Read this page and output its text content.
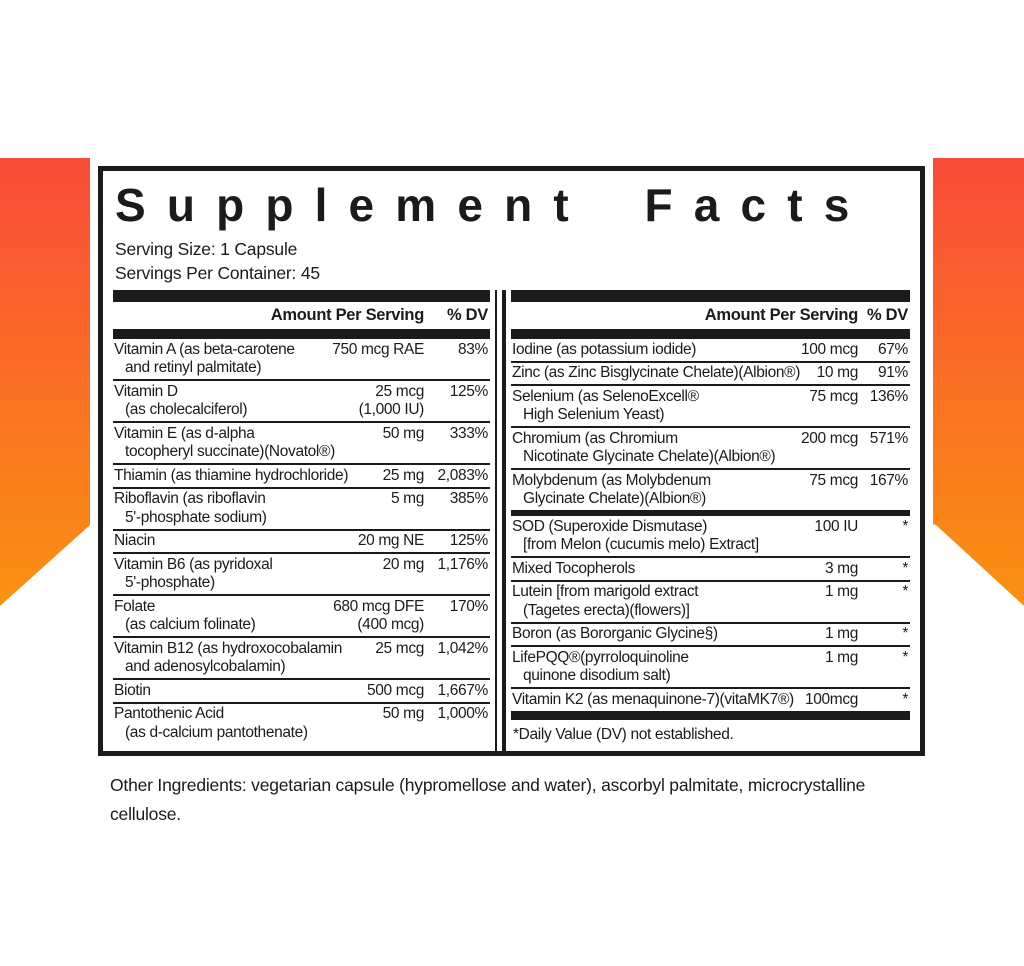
Supplement Facts
Serving Size: 1 Capsule
Servings Per Container: 45
Amount Per Serving	% DV
Vitamin A (as beta-carotene	750 mcg RAE	83%
and retinyl palmitate)
Vitamin D	25 mcg	125%
(as cholecalciferol)	(1,000 IU)
Vitamin E (as d-alpha	50 mg	333%
tocopheryl succinate)(Novatol®)
Thiamin (as thiamine hydrochloride)	25 mg 2,083%
Riboflavin (as riboflavin	5 mg	385%
5'-phosphate sodium)
Niacin	20 mg NE	125%
Vitamin B6 (as pyridoxal	20 mg 1,176%
5'-phosphate)
Folate	680 mcg DFE	170%
(as calcium folinate)	(400 mcg)
Vitamin B12 (as hydroxocobalamin	25 mcg 1,042%
and adenosylcobalamin)
Biotin	500 mcg 1,667%
Pantothenic Acid	50 mg 1,000%
(as d-calcium pantothenate)
Amount Per Serving % DV
Iodine (as potassium iodide)	100 mcg	67%
Zinc (as Zinc Bisglycinate Chelate)(Albion®)	10 mg	91%
Selenium (as SelenoExcell®	75 mcg 136%
High Selenium Yeast)
Chromium (as Chromium	200 mcg 571%
Nicotinate Glycinate Chelate)(Albion®)
Molybdenum (as Molybdenum	75 mcg 167%
Glycinate Chelate)(Albion®)
SOD (Superoxide Dismutase)	100 IU	*
[from Melon (cucumis melo) Extract]
Mixed Tocopherols	3 mg	*
Lutein [from marigold extract	1 mg	*
(Tagetes erecta)(flowers)]
Boron (as Bororganic Glycine§)	1 mg	*
LifePQQ®(pyrroloquinoline	1 mg	*
quinone disodium salt)
Vitamin K2 (as menaquinone-7)(vitaMK7®) 100mcg	*
*Daily Value (DV) not established.
Other Ingredients: vegetarian capsule (hypromellose and water), ascorbyl palmitate, microcrystalline cellulose.
